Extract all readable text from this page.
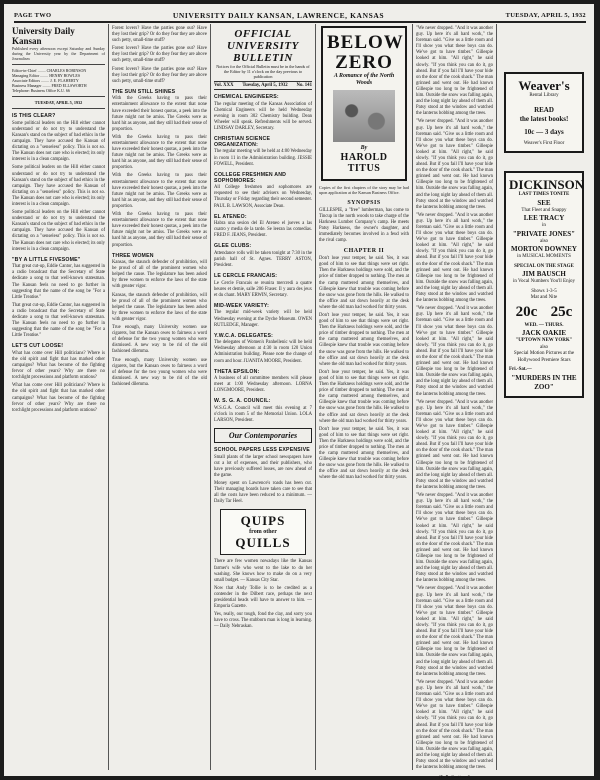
PAGE TWO	UNIVERSITY DAILY KANSAN, LAWRENCE, KANSAS	TUESDAY, APRIL 5, 1932
University Daily Kansan
Published every afternoon except Saturday and Sunday during the University year by the Department of Journalism
Editor-in-Chief ........ CHARLES ROBINSON
Managing Editor ........ HENRY BOWLES
Associate Editors ........ J. E. FLAHERTY
Business Manager ........ FRED ELLSWORTH
Telephone: Business Office K.U. 66
TUESDAY, APRIL 5, 1932
IS THIS CLEAR?
Some political leaders on the Hill either cannot understand or do not try to understand the Kansan's stand on the subject of bad ethics in the campaign. They have accused the Kansan of dictating on a "senseless" policy. This is not so. The Kansan does not care who is elected; its only interest is in a clean campaign.
Some political leaders on the Hill either cannot understand or do not try to understand the Kansan's stand on the subject of bad ethics in the campaign. They have accused the Kansan of dictating on a "senseless" policy. This is not so. The Kansan does not care who is elected; its only interest is in a clean campaign.
Some political leaders on the Hill either cannot understand or do not try to understand the Kansan's stand on the subject of bad ethics in the campaign. They have accused the Kansan of dictating on a "senseless" policy. This is not so. The Kansan does not care who is elected; its only interest is in a clean campaign.
"BY A LITTLE FIVESOME"
That great cut-up, Eddie Cantor, has suggested in a radio broadcast that the Secretary of State dedicate a song to that well-known statesman. The Kansan feels no need to go further in suggesting that the name of the song be "For a Little Treatise."
That great cut-up, Eddie Cantor, has suggested in a radio broadcast that the Secretary of State dedicate a song to that well-known statesman. The Kansan feels no need to go further in suggesting that the name of the song be "For a Little Treatise."
LET'S CUT LOOSE!
What has come over Hill politicians? Where is the old spirit and fight that has marked other campaigns? What has become of the fighting fervor of other years? Why are there no torchlight processions and platform orations?
What has come over Hill politicians? Where is the old spirit and fight that has marked other campaigns? What has become of the fighting fervor of other years? Why are there no torchlight processions and platform orations?
Forest lovers? Have the parties gone out? Have they lost their grip? Or do they fear they are above such petty, small-time stuff?
Forest lovers? Have the parties gone out? Have they lost their grip? Or do they fear they are above such petty, small-time stuff?
Forest lovers? Have the parties gone out? Have they lost their grip? Or do they fear they are above such petty, small-time stuff?
THE SUN STILL SHINES
With the Greeks having to pass their entertainment allowance to the extent that none have exceeded their honest quotas, a peek into the future might not be amiss. The Greeks were as hard hit as anyone, and they still had their sense of proportion.
With the Greeks having to pass their entertainment allowance to the extent that none have exceeded their honest quotas, a peek into the future might not be amiss. The Greeks were as hard hit as anyone, and they still had their sense of proportion.
With the Greeks having to pass their entertainment allowance to the extent that none have exceeded their honest quotas, a peek into the future might not be amiss. The Greeks were as hard hit as anyone, and they still had their sense of proportion.
With the Greeks having to pass their entertainment allowance to the extent that none have exceeded their honest quotas, a peek into the future might not be amiss. The Greeks were as hard hit as anyone, and they still had their sense of proportion.
THREE WOMEN
Kansas, the staunch defender of prohibition, will be proud of all of the prominent women who helped the cause. The legislature has been asked by three women to enforce the laws of the state with greater vigor.
Kansas, the staunch defender of prohibition, will be proud of all of the prominent women who helped the cause. The legislature has been asked by three women to enforce the laws of the state with greater vigor.
True enough, many University women use cigarets, but the Kansan owes to fairness a word of defense for the two young women who were dismissed. A new way to be rid of the old fashioned dilemma.
True enough, many University women use cigarets, but the Kansan owes to fairness a word of defense for the two young women who were dismissed. A new way to be rid of the old fashioned dilemma.
OFFICIAL UNIVERSITY BULLETIN
Notices for the Official Bulletin must be in the hands of the Editor by 11 o'clock on the day previous to publication
Vol. XXX Tuesday, April 5, 1932 No. 141
CHEMICAL ENGINEERS:
The regular meeting of the Kansas Association of Chemical Engineers will be held Wednesday evening in room 302 Chemistry building. Dean Wheeler will speak. Refreshments will be served. LINDSAY DARLEY, Secretary.
CHRISTIAN SCIENCE ORGANIZATION:
The regular meeting will be held at 4:00 Wednesday in room 11 in the Administration building. JESSIE FOWELL, President.
COLLEGE FRESHMEN AND SOPHOMORES:
All College freshmen and sophomores are requested to see their advisers on Wednesday, Thursday or Friday regarding their second semester. PAUL B. LAWSON, Associate Dean.
EL ATENEO:
Habra una sesion del El Ateneo el jueves a las cuatro y media de la tarde. Se leeran las comedias. FRED F. JEANS, President.
GLEE CLUBS:
Attendance rolls will be taken tonight at 7:30 in the parish hall of St. Agnes. TERRY ASTON, President.
LE CERCLE FRANCAIS:
Le Cercle Francais se reunira mercredi a quatre heures et demie, salle 206 Fraser. Il y aura des jeux et du chant. MARY ERWIN, Secretary.
MID-WEEK VARIETY:
The regular mid-week variety will be held Wednesday evening at the Dyche Museum. OWEN RUTLEDGE, Manager.
Y.W.C.A. DELEGATES:
The delegates of Women's Panhellenic will be held Wednesday afternoon at 4:30 in room 120 Union Administration building. Please note the change of room and hour. JUANITA MOORE, President.
THETA EPSILON:
A business of all committee members will please meet at 1:00 Wednesday afternoon. LORNA LONGMOORE, President.
W. S. G. A. COUNCIL:
W.S.G.A. Council will meet this evening at 7 o'clock in room 5 of the Memorial Union. LOLA LARSON, President.
Our Contemporaries
SCHOOL PAPERS LESS EXPENSIVE
Small plants of the larger school newspapers have cut a lot of expenses, and their publishers, who have previously suffered losses, are now ahead of the game.
Money spent on Lawrence's roads has been cut. Their managing boards have taken care to see that all the costs have been reduced to a minimum. — Daily Tar Heel.
QUIPS
from other
QUILLS
There are few women nowadays like the Kansas farmer's wife who went to the lake to do her washing. She knows how to make do on a very small budget. — Kansas City Star.
Now that Andy Tollie is to be credited as a contender in the Dilbert race, perhaps the next presidential heads will have to answer to him. — Emporia Gazette.
Yes, really, our tough, fond the clay, and sorry you have to cross. The stubborn man is long in learning. — Daily Nebraskan.
BELOW
ZERO
A Romance of the North Woods
By
HAROLD TITUS
Copies of the first chapters of the story may be had upon application at the Kansan Business Office.
SYNOPSIS
GILLESPIE, a "free" lumberman, has come to Tincup in the north woods to take charge of the Harkness Lumber Company's camp. He meets Patsy Harkness, the owner's daughter, and immediately becomes involved in a feud with the rival camp.
CHAPTER II
Don't lose your temper, he said. Yes, it was good of him to see that things were set right. Then the Harkness holdings were sold, and the price of timber dropped to nothing. The men at the camp muttered among themselves, and Gillespie knew that trouble was coming before the snow was gone from the hills. He walked to the office and sat down heavily at the desk where the old man had worked for thirty years.
Don't lose your temper, he said. Yes, it was good of him to see that things were set right. Then the Harkness holdings were sold, and the price of timber dropped to nothing. The men at the camp muttered among themselves, and Gillespie knew that trouble was coming before the snow was gone from the hills. He walked to the office and sat down heavily at the desk where the old man had worked for thirty years.
Don't lose your temper, he said. Yes, it was good of him to see that things were set right. Then the Harkness holdings were sold, and the price of timber dropped to nothing. The men at the camp muttered among themselves, and Gillespie knew that trouble was coming before the snow was gone from the hills. He walked to the office and sat down heavily at the desk where the old man had worked for thirty years.
Don't lose your temper, he said. Yes, it was good of him to see that things were set right. Then the Harkness holdings were sold, and the price of timber dropped to nothing. The men at the camp muttered among themselves, and Gillespie knew that trouble was coming before the snow was gone from the hills. He walked to the office and sat down heavily at the desk where the old man had worked for thirty years.
"We never dropped. "And it was another guy. Up here it's all hard work," the foreman said. "Give us a little room and I'll show you what these boys can do. We've got to have timber." Gillespie looked at him. "All right," he said slowly. "If you think you can do it, go ahead. But if you fail I'll have your hide on the door of the cook shack." The man grinned and went out. He had known Gillespie too long to be frightened of him. Outside the snow was falling again, and the long night lay ahead of them all. Patsy stood at the window and watched the lanterns bobbing among the trees.
"We never dropped. "And it was another guy. Up here it's all hard work," the foreman said. "Give us a little room and I'll show you what these boys can do. We've got to have timber." Gillespie looked at him. "All right," he said slowly. "If you think you can do it, go ahead. But if you fail I'll have your hide on the door of the cook shack." The man grinned and went out. He had known Gillespie too long to be frightened of him. Outside the snow was falling again, and the long night lay ahead of them all. Patsy stood at the window and watched the lanterns bobbing among the trees.
"We never dropped. "And it was another guy. Up here it's all hard work," the foreman said. "Give us a little room and I'll show you what these boys can do. We've got to have timber." Gillespie looked at him. "All right," he said slowly. "If you think you can do it, go ahead. But if you fail I'll have your hide on the door of the cook shack." The man grinned and went out. He had known Gillespie too long to be frightened of him. Outside the snow was falling again, and the long night lay ahead of them all. Patsy stood at the window and watched the lanterns bobbing among the trees.
"We never dropped. "And it was another guy. Up here it's all hard work," the foreman said. "Give us a little room and I'll show you what these boys can do. We've got to have timber." Gillespie looked at him. "All right," he said slowly. "If you think you can do it, go ahead. But if you fail I'll have your hide on the door of the cook shack." The man grinned and went out. He had known Gillespie too long to be frightened of him. Outside the snow was falling again, and the long night lay ahead of them all. Patsy stood at the window and watched the lanterns bobbing among the trees.
"We never dropped. "And it was another guy. Up here it's all hard work," the foreman said. "Give us a little room and I'll show you what these boys can do. We've got to have timber." Gillespie looked at him. "All right," he said slowly. "If you think you can do it, go ahead. But if you fail I'll have your hide on the door of the cook shack." The man grinned and went out. He had known Gillespie too long to be frightened of him. Outside the snow was falling again, and the long night lay ahead of them all. Patsy stood at the window and watched the lanterns bobbing among the trees.
"We never dropped. "And it was another guy. Up here it's all hard work," the foreman said. "Give us a little room and I'll show you what these boys can do. We've got to have timber." Gillespie looked at him. "All right," he said slowly. "If you think you can do it, go ahead. But if you fail I'll have your hide on the door of the cook shack." The man grinned and went out. He had known Gillespie too long to be frightened of him. Outside the snow was falling again, and the long night lay ahead of them all. Patsy stood at the window and watched the lanterns bobbing among the trees.
"We never dropped. "And it was another guy. Up here it's all hard work," the foreman said. "Give us a little room and I'll show you what these boys can do. We've got to have timber." Gillespie looked at him. "All right," he said slowly. "If you think you can do it, go ahead. But if you fail I'll have your hide on the door of the cook shack." The man grinned and went out. He had known Gillespie too long to be frightened of him. Outside the snow was falling again, and the long night lay ahead of them all. Patsy stood at the window and watched the lanterns bobbing among the trees.
"We never dropped. "And it was another guy. Up here it's all hard work," the foreman said. "Give us a little room and I'll show you what these boys can do. We've got to have timber." Gillespie looked at him. "All right," he said slowly. "If you think you can do it, go ahead. But if you fail I'll have your hide on the door of the cook shack." The man grinned and went out. He had known Gillespie too long to be frightened of him. Outside the snow was falling again, and the long night lay ahead of them all. Patsy stood at the window and watched the lanterns bobbing among the trees.
(To Be Continued)
Weaver's
Rental Library
READ
the latest books!
10c — 3 days
Weaver's First Floor
DICKINSON
LAST TIMES TONITE
SEE
That Fleet and Snappy
LEE TRACY
in
"PRIVATE JONES"
also
MORTON DOWNEY
in MUSICAL MOMENTS
SPECIAL ON THE STAGE
JIM BAUSCH
in Vocal Numbers You'll Enjoy
Shows 1-3-5
Mat and Nite
20c 25c
WED. — THURS.
JACK OAKIE
"UPTOWN NEW YORK"
also
Special Motion Pictures at the Hollywood Premiere Stars
Fri.-Sat.—
"MURDERS IN THE ZOO"
